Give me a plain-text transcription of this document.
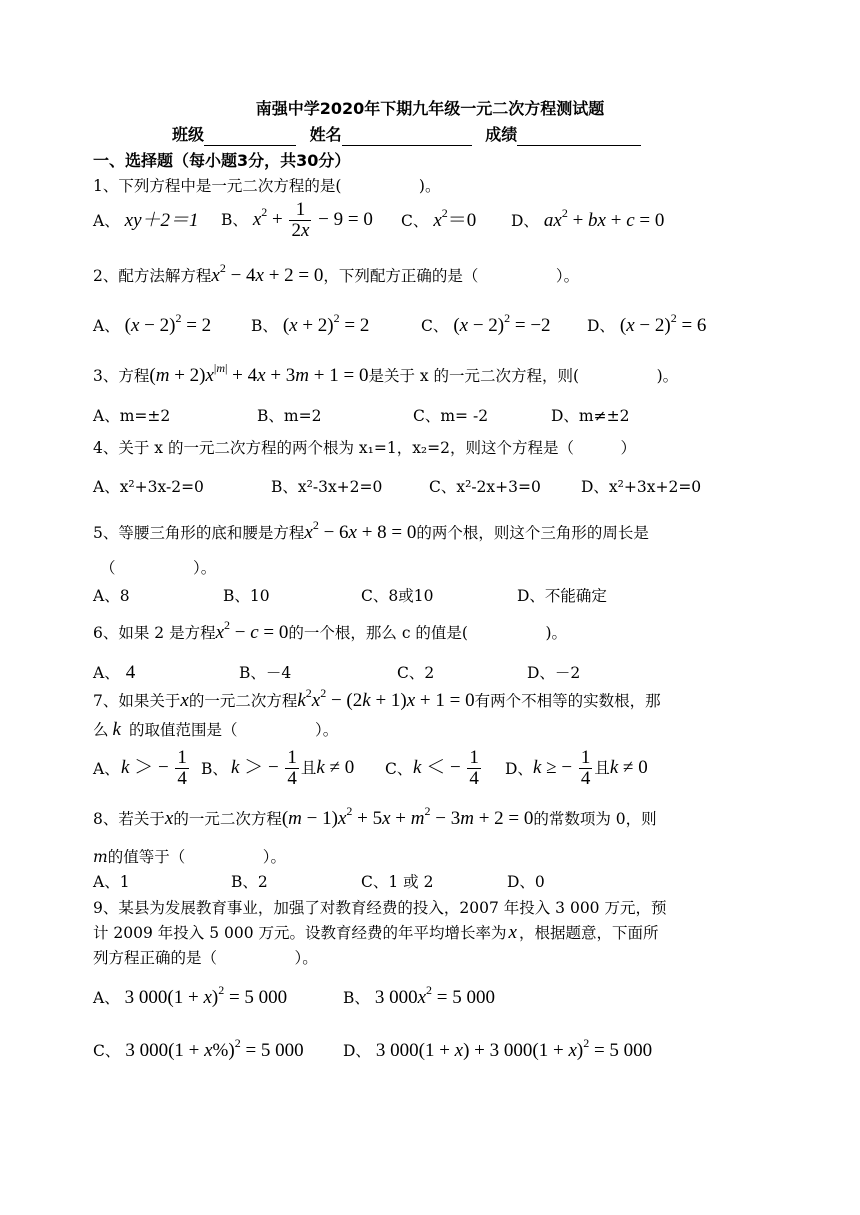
南强中学2020年下期九年级一元二次方程测试题
班级	姓名	成绩
一、选择题（每小题3分，共30分）
1、下列方程中是一元二次方程的是(　　　　　)。
A、 xy＋2＝1 B、 $x^2 + \frac{1}{2x} - 9 = 0$ C、 $x^2=0$ D、 $ax^2$ + bx + c = 0
2、配方法解方程$x^2 - 4x + 2 = 0$，下列配方正确的是（　　　　　）。
A、 $(x - 2)^2 = 2$	B、 $(x + 2)^2 = 2$	C、 $(x - 2)^2 = -2$ D、 $(x - 2)^2 = 6$
3、方程$(m + 2)x^{|m|} + 4x + 3m + 1 = 0$是关于 x 的一元二次方程，则(　　　　　)。
A、m=±2	B、m=2	C、m= -2	D、m≠±2
4、关于 x 的一元二次方程的两个根为 x₁=1，x₂=2，则这个方程是（　　　）
A、x²+3x-2=0	B、x²-3x+2=0	C、x²-2x+3=0	D、x²+3x+2=0
5、等腰三角形的底和腰是方程$x^2 - 6x + 8 = 0$的两个根，则这个三角形的周长是
（　　　　　）。
A、8	B、10	C、8或10	D、不能确定
6、如果 2 是方程$x^2 - c = 0$的一个根，那么 c 的值是(　　　　　)。
A、 4	B、－4	C、2	D、－2
7、如果关于x的一元二次方程$k^2x^2 - (2k + 1)x + 1 = 0$有两个不相等的实数根，那
么 k 的取值范围是（　　　　　）。
A、 k ＞ − $\frac{1}{4}$ B、 k ＞ − $\frac{1}{4}$ 且k ≠ 0 C、 k ＜ − $\frac{1}{4}$ D、 k ≥ − $\frac{1}{4}$ 且k ≠ 0
8、若关于x的一元二次方程$(m - 1)x^2 + 5x + m^2 - 3m + 2 = 0$的常数项为 0，则
m的值等于（　　　　　）。
A、1	B、2	C、1 或 2	D、0
9、某县为发展教育事业，加强了对教育经费的投入，2007 年投入 3 000 万元，预
计 2009 年投入 5 000 万元。设教育经费的年平均增长率为 x ，根据题意，下面所
列方程正确的是（　　　　　）。
A、 3 $000(1 + x)^2 = 5$ 000	B、 3 $000x^2 = 5$ 000
C、 3 $000(1 + x\%)^2 = 5$ 000	D、 3 000(1 + x) + 3 $000(1 + x)^2 = 5$ 000
